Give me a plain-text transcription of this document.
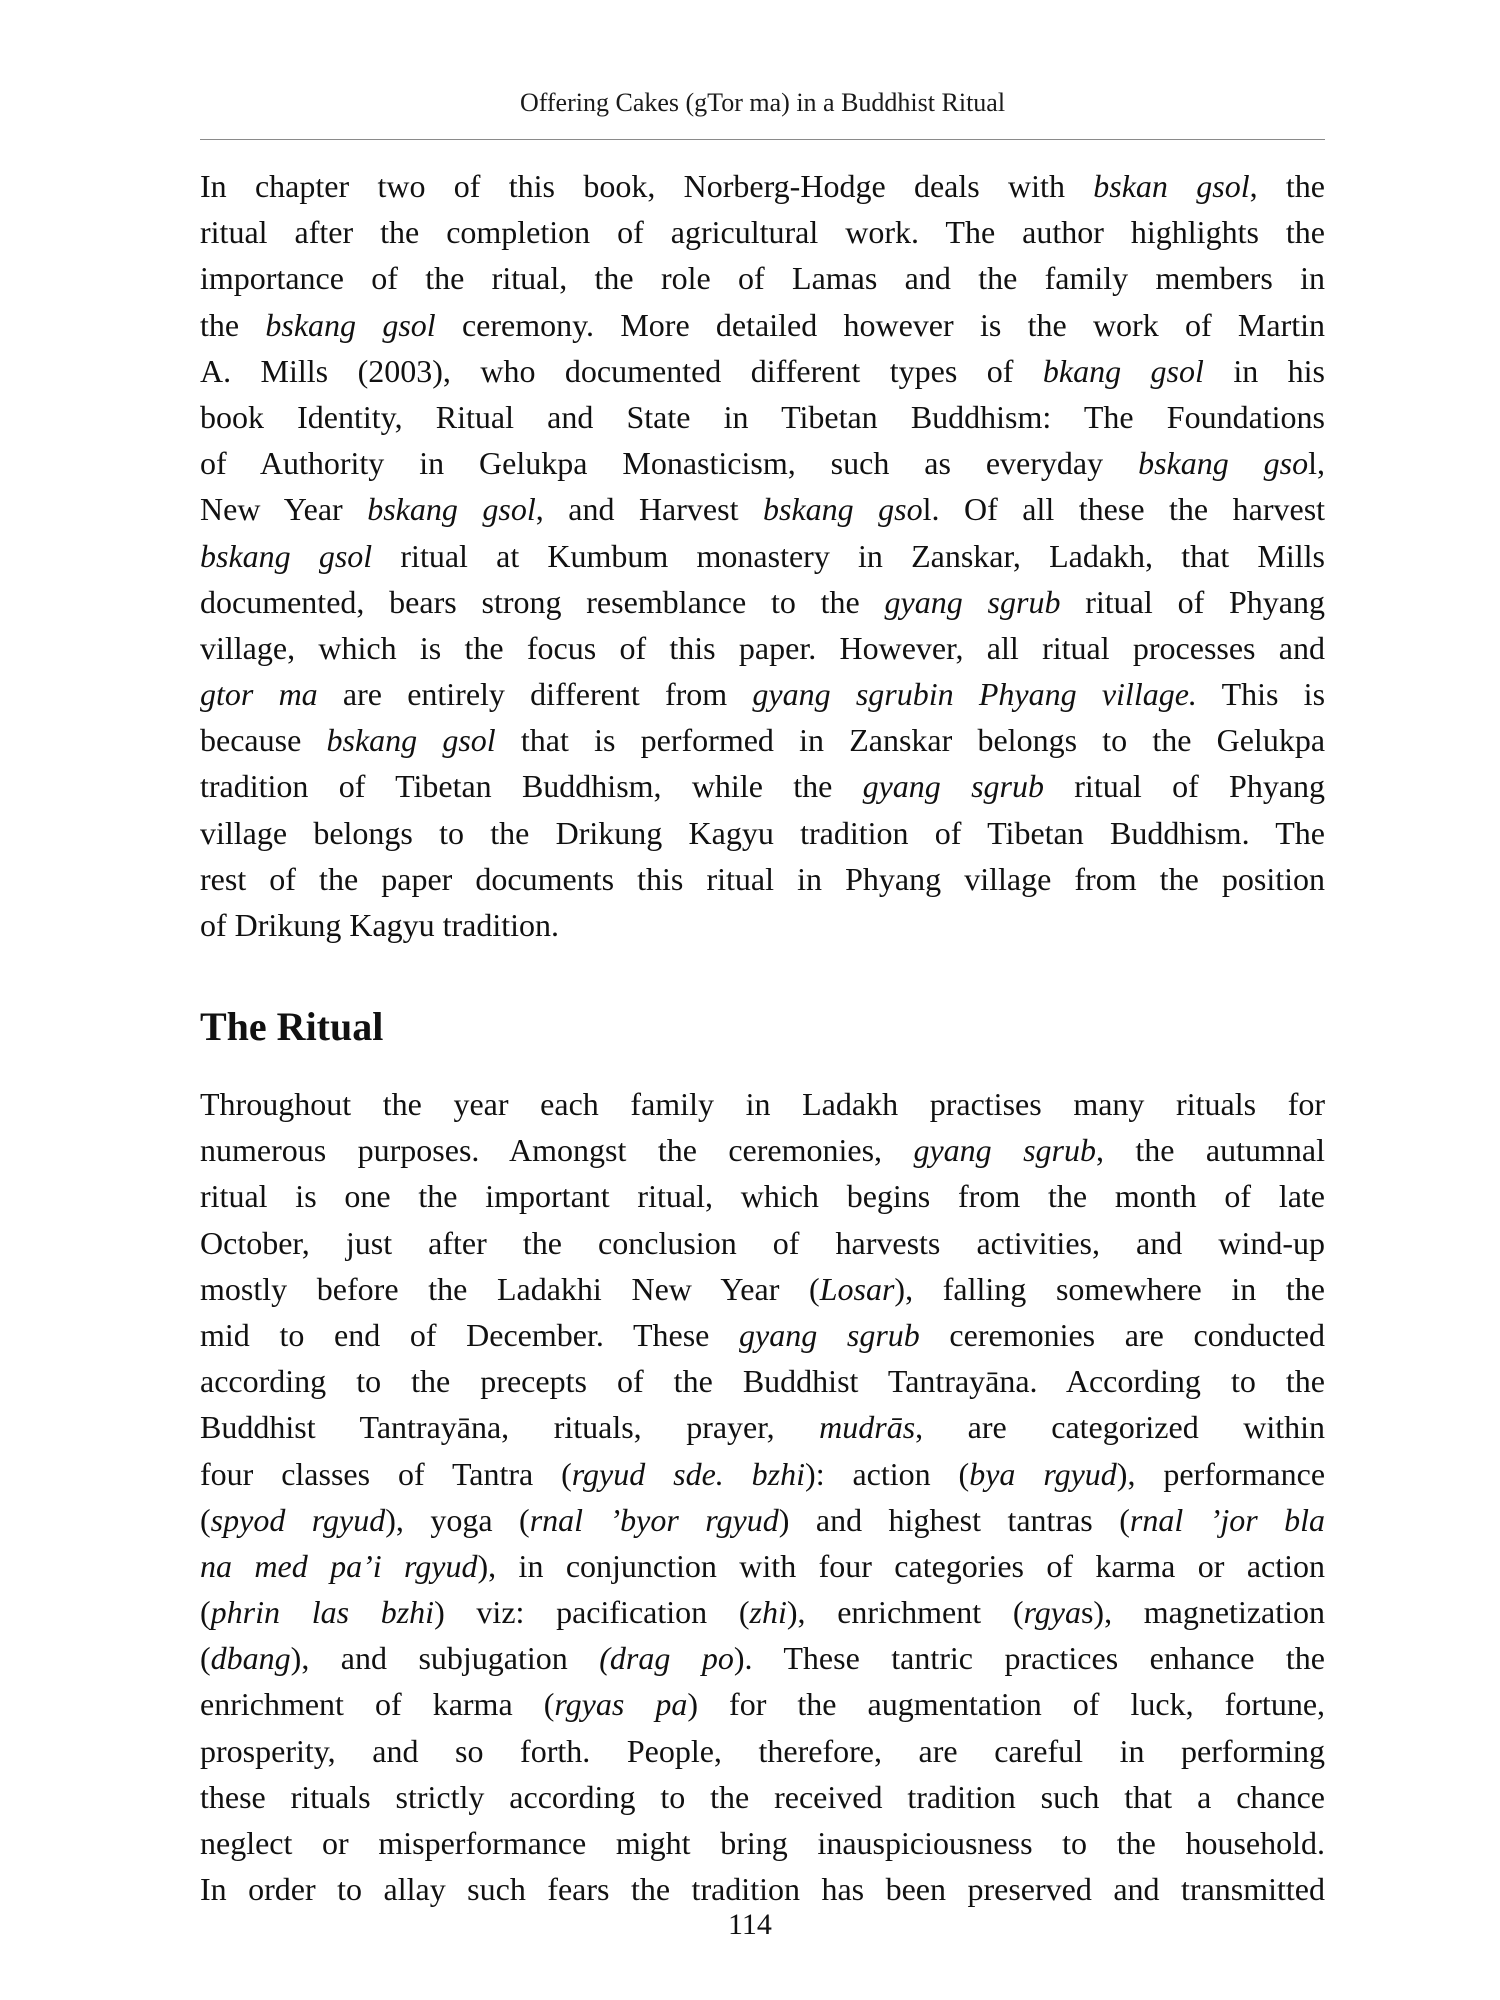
Offering Cakes (gTor ma) in a Buddhist Ritual
In chapter two of this book, Norberg-Hodge deals with bskan gsol, the
ritual after the completion of agricultural work. The author highlights the
importance of the ritual, the role of Lamas and the family members in
the bskang gsol ceremony. More detailed however is the work of Martin
A. Mills (2003), who documented different types of bkang gsol in his
book Identity, Ritual and State in Tibetan Buddhism: The Foundations
of Authority in Gelukpa Monasticism, such as everyday bskang gsol,
New Year bskang gsol, and Harvest bskang gsol. Of all these the harvest
bskang gsol ritual at Kumbum monastery in Zanskar, Ladakh, that Mills
documented, bears strong resemblance to the gyang sgrub ritual of Phyang
village, which is the focus of this paper. However, all ritual processes and
gtor ma are entirely different from gyang sgrubin Phyang village. This is
because bskang gsol that is performed in Zanskar belongs to the Gelukpa
tradition of Tibetan Buddhism, while the gyang sgrub ritual of Phyang
village belongs to the Drikung Kagyu tradition of Tibetan Buddhism. The
rest of the paper documents this ritual in Phyang village from the position
of Drikung Kagyu tradition.
The Ritual
Throughout the year each family in Ladakh practises many rituals for
numerous purposes. Amongst the ceremonies, gyang sgrub, the autumnal
ritual is one the important ritual, which begins from the month of late
October, just after the conclusion of harvests activities, and wind-up
mostly before the Ladakhi New Year (Losar), falling somewhere in the
mid to end of December. These gyang sgrub ceremonies are conducted
according to the precepts of the Buddhist Tantrayāna. According to the
Buddhist Tantrayāna, rituals, prayer, mudrās, are categorized within
four classes of Tantra (rgyud sde. bzhi): action (bya rgyud), performance
(spyod rgyud), yoga (rnal ’byor rgyud) and highest tantras (rnal ’jor bla
na med pa’i rgyud), in conjunction with four categories of karma or action
(phrin las bzhi) viz: pacification (zhi), enrichment (rgyas), magnetization
(dbang), and subjugation (drag po). These tantric practices enhance the
enrichment of karma (rgyas pa) for the augmentation of luck, fortune,
prosperity, and so forth. People, therefore, are careful in performing
these rituals strictly according to the received tradition such that a chance
neglect or misperformance might bring inauspiciousness to the household.
In order to allay such fears the tradition has been preserved and transmitted
114
